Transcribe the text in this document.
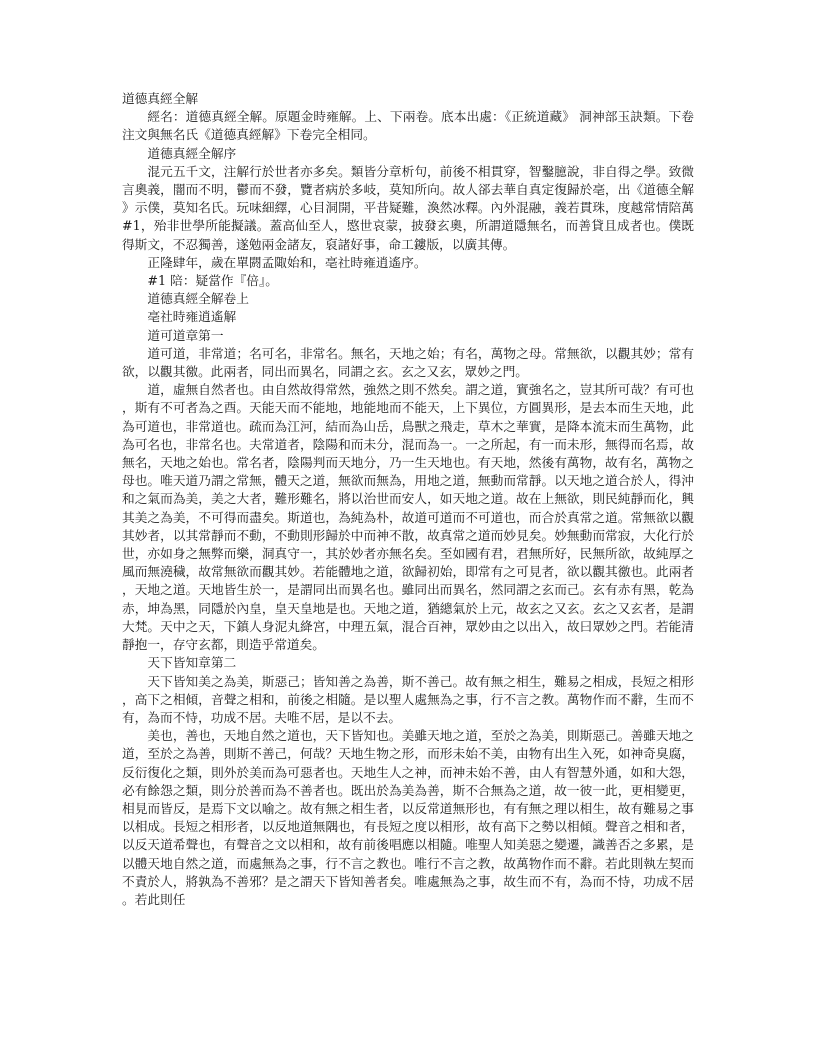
道德真經全解

經名：道德真經全解。原題金時雍解。上、下兩卷。底本出處：《正統道藏》 洞神部玉訣類。下卷注文與無名氏《道德真經解》下卷完全相同。

道德真經全解序

混元五千文，注解行於世者亦多矣。類皆分章析句，前後不相貫穿，智鑿臆說，非自得之學。致微言奧義，闇而不明，鬱而不發，覽者病於多岐，莫知所向。故人郤去華自真定復歸於亳，出《道德全解》示僕，莫知名氏。玩味細繹，心目洞開，平昔疑難，渙然冰釋。內外混融，義若貫珠，度越常情陪萬#1，殆非世學所能擬議。蓋高仙至人，愍世哀蒙，披發玄奧，所謂道隱無名，而善貸且成者也。僕既得斯文，不忍獨善，遂勉兩金諸友，裒諸好事，命工鏤版，以廣其傳。

正隆肆年，歲在單閼孟陬始和，亳社時雍逍遙序。

#1 陪：疑當作『倍』。

道德真經全解卷上

亳社時雍逍遙解

道可道章第一

道可道，非常道；名可名，非常名。無名，天地之始；有名，萬物之母。常無欲，以觀其妙；常有欲，以觀其徼。此兩者，同出而異名，同謂之玄。玄之又玄，眾妙之門。

道，虛無自然者也。由自然故得常然，強然之則不然矣。謂之道，實強名之，豈其所可哉？有可也，斯有不可者為之酉。天能天而不能地，地能地而不能天，上下異位，方圓異形，是去本而生天地，此為可道也，非常道也。疏而為江河，結而為山岳，鳥獸之飛走，草木之華實，是降本流末而生萬物，此為可名也，非常名也。夫常道者，陰陽和而未分，混而為一。一之所起，有一而未形，無得而名焉，故無名，天地之始也。常名者，陰陽判而天地分，乃一生天地也。有天地，然後有萬物，故有名，萬物之母也。唯天道乃謂之常無，體天之道，無欲而無為，用地之道，無動而常靜。以天地之道合於人，得沖和之氣而為美，美之大者，難形難名，將以治世而安人，如天地之道。故在上無欲，則民純靜而化，興其美之為美，不可得而盡矣。斯道也，為純為朴，故道可道而不可道也，而合於真常之道。常無欲以觀其妙者，以其常靜而不動，不動則形歸於中而神不散，故真常之道而妙見矣。妙無動而常寂，大化行於世，亦如身之無弊而樂，洞真守一，其於妙者亦無名矣。至如國有君，君無所好，民無所欲，故純厚之風而無澆穢，故常無欲而觀其妙。若能體地之道，欲歸初始，即常有之可見者，欲以觀其徼也。此兩者，天地之道。天地皆生於一，是謂同出而異名也。雖同出而異名，然同謂之玄而己。玄有赤有黑，乾為赤，坤為黑，同隱於內皇，皇天皇地是也。天地之道，猶總氣於上元，故玄之又玄。玄之又玄者，是謂大梵。天中之天，下鎮人身泥丸絳宮，中理五氣，混合百神，眾妙由之以出入，故曰眾妙之門。若能清靜抱一，存守玄都，則造乎常道矣。

天下皆知章第二

天下皆知美之為美，斯惡己；皆知善之為善，斯不善己。故有無之相生，難易之相成，長短之相形，高下之相傾，音聲之相和，前後之相隨。是以聖人處無為之事，行不言之教。萬物作而不辭，生而不有，為而不恃，功成不居。夫唯不居，是以不去。

美也，善也，天地自然之道也，天下皆知也。美雖天地之道，至於之為美，則斯惡己。善雖天地之道，至於之為善，則斯不善己，何哉？天地生物之形，而形未始不美，由物有出生入死，如神奇臭腐，反衍復化之類，則外於美而為可惡者也。天地生人之神，而神未始不善，由人有智慧外通，如和大怨，必有餘怨之類，則分於善而為不善者也。既出於為美為善，斯不合無為之道，故一彼一此，更相變更，相見而皆反，是焉下文以喻之。故有無之相生者，以反常道無形也，有有無之理以相生，故有難易之事以相成。長短之相形者，以反地道無隅也，有長短之度以相形，故有高下之勢以相傾。聲音之相和者，以反天道希聲也，有聲音之文以相和，故有前後唱應以相隨。唯聖人知美惡之變遷，識善否之多累，是以體天地自然之道，而處無為之事，行不言之教也。唯行不言之教，故萬物作而不辭。若此則執左契而不責於人，將孰為不善邪？是之謂天下皆知善者矣。唯處無為之事，故生而不有，為而不恃，功成不居。若此則任
